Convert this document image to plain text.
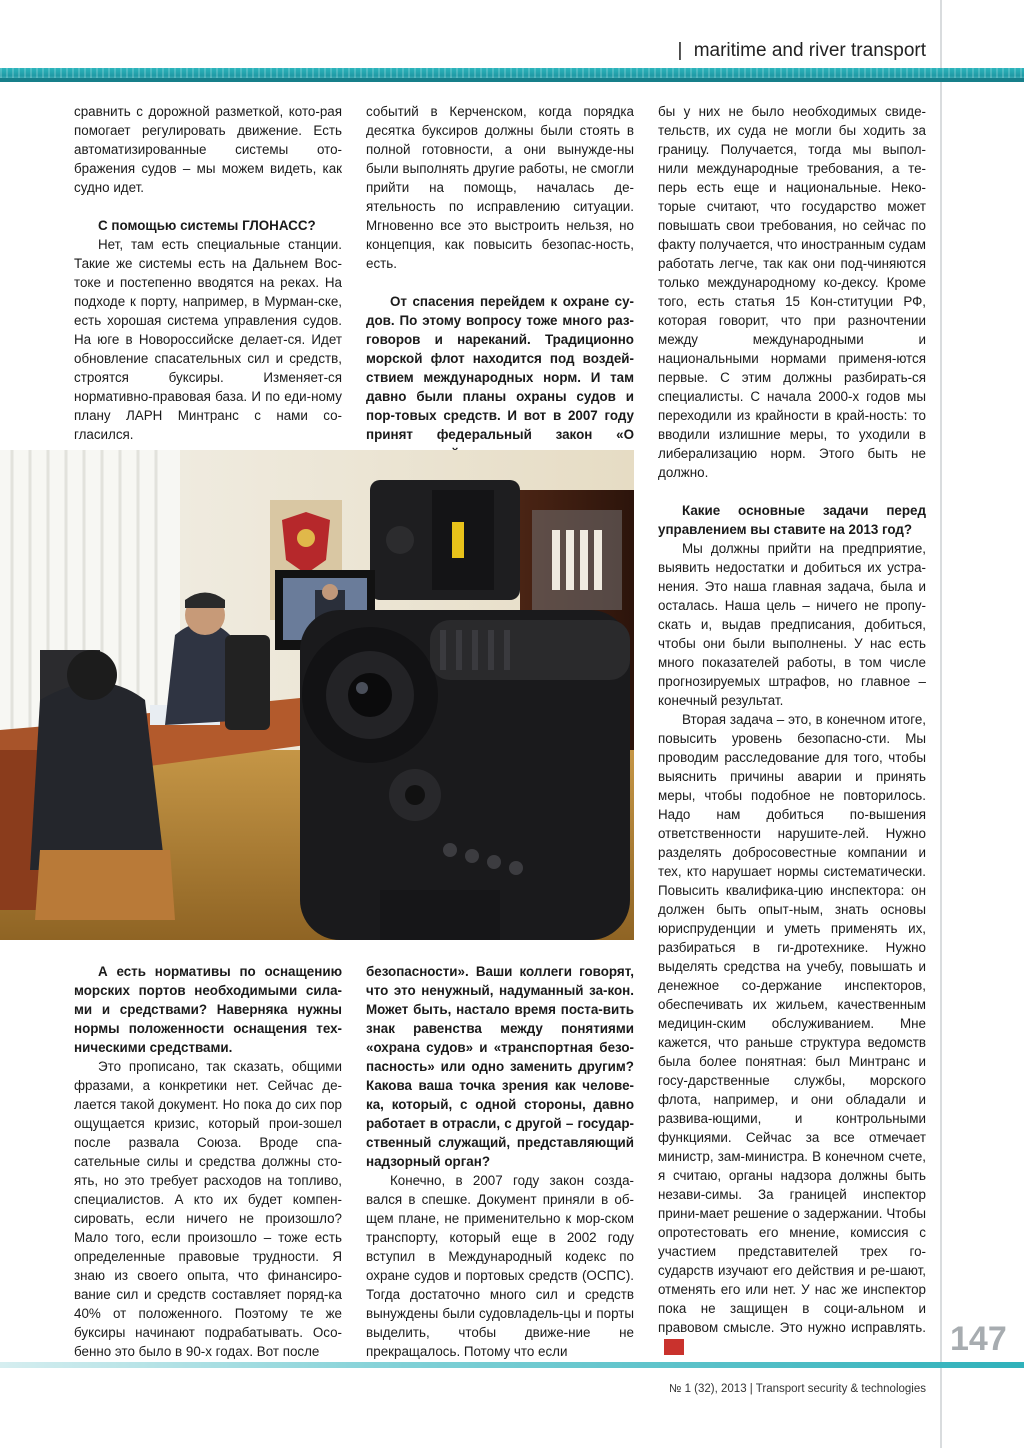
| maritime and river transport

сравнить с дорожной разметкой, кото-рая помогает регулировать движение. Есть автоматизированные системы ото-бражения судов – мы можем видеть, как судно идет.

С помощью системы ГЛОНАСС?

Нет, там есть специальные станции. Такие же системы есть на Дальнем Вос-токе и постепенно вводятся на реках. На подходе к порту, например, в Мурман-ске, есть хорошая система управления судов. На юге в Новороссийске делает-ся. Идет обновление спасательных сил и средств, строятся буксиры. Изменяет-ся нормативно-правовая база. И по еди-ному плану ЛАРН Минтранс с нами со-гласился.

событий в Керченском, когда порядка десятка буксиров должны были стоять в полной готовности, а они вынужде-ны были выполнять другие работы, не смогли прийти на помощь, началась де-ятельность по исправлению ситуации. Мгновенно все это выстроить нельзя, но концепция, как повысить безопас-ность, есть.

От спасения перейдем к охране су-дов. По этому вопросу тоже много раз-говоров и нареканий. Традиционно морской флот находится под воздей-ствием международных норм. И там давно были планы охраны судов и пор-товых средств. И вот в 2007 году принят федеральный закон «О

бы у них не было необходимых свиде-тельств, их суда не могли бы ходить за границу. Получается, тогда мы выпол-нили международные требования, а те-перь есть еще и национальные. Неко-торые считают, что государство может повышать свои требования, но сейчас по факту получается, что иностранным судам работать легче, так как они под-чиняются только международному ко-дексу. Кроме того, есть статья 15 Кон-ституции РФ, которая говорит, что при разночтении между международными и национальными нормами применя-ются первые. С этим должны разбирать-ся специалисты. С начала 2000-х годов мы переходили из крайности в край-ность: то вводили излишние меры, то уходили в либерализацию норм. Этого быть не должно.

Какие основные задачи перед управлением вы ставите на 2013 год?

Мы должны прийти на предприятие, выявить недостатки и добиться их устра-нения. Это наша главная задача, была и осталась. Наша цель – ничего не пропу-скать и, выдав предписания, добиться, чтобы они были выполнены. У нас есть много показателей работы, в том числе прогнозируемых штрафов, но главное – конечный результат.

Вторая задача – это, в конечном итоге, повысить уровень безопасно-сти. Мы проводим расследование для того, чтобы выяснить причины аварии и принять меры, чтобы подобное не повторилось. Надо нам добиться по-вышения ответственности нарушите-лей. Нужно разделять добросовестные компании и тех, кто нарушает нормы систематически. Повысить квалифика-цию инспектора: он должен быть опыт-ным, знать основы юриспруденции и уметь применять их, разбираться в ги-дротехнике. Нужно выделять средства на учебу, повышать и денежное со-держание инспекторов, обеспечивать их жильем, качественным медицин-ским обслуживанием. Мне кажется, что раньше структура ведомств была более понятная: был Минтранс и госу-дарственные службы, морского флота, например, и они обладали и развива-ющими, и контрольными функциями. Сейчас за все отмечает министр, зам-министра. В конечном счете, я считаю, органы надзора должны быть незави-симы. За границей инспектор прини-мает решение о задержании. Чтобы опротестовать его мнение, комиссия с участием представителей трех го-сударств изучают его действия и ре-шают, отменять его или нет. У нас же инспектор пока не защищен в соци-альном и правовом смысле. Это нужно исправлять. TST

А есть нормативы по оснащению морских портов необходимыми сила-ми и средствами? Наверняка нужны нормы положенности оснащения тех-ническими средствами.

Это прописано, так сказать, общими фразами, а конкретики нет. Сейчас де-лается такой документ. Но пока до сих пор ощущается кризис, который прои-зошел после развала Союза. Вроде спа-сательные силы и средства должны сто-ять, но это требует расходов на топливо, специалистов. А кто их будет компен-сировать, если ничего не произошло? Мало того, если произошло – тоже есть определенные правовые трудности. Я знаю из своего опыта, что финансиро-вание сил и средств составляет поряд-ка 40% от положенного. Поэтому те же буксиры начинают подрабатывать. Осо-бенно это было в 90-х годах. Вот после

безопасности». Ваши коллеги говорят, что это ненужный, надуманный за-кон. Может быть, настало время поста-вить знак равенства между понятиями «охрана судов» и «транспортная безо-пасность» или одно заменить другим? Какова ваша точка зрения как челове-ка, который, с одной стороны, давно работает в отрасли, с другой – государ-ственный служащий, представляющий надзорный орган?

Конечно, в 2007 году закон созда-вался в спешке. Документ приняли в об-щем плане, не применительно к мор-ском транспорту, который еще в 2002 году вступил в Международный кодекс по охране судов и портовых средств (ОСПС). Тогда достаточно много сил и средств вынуждены были судовладель-цы и порты выделить, чтобы движе-ние не прекращалось. Потому что если	147
№ 1 (32), 2013 | Transport security & technologies
